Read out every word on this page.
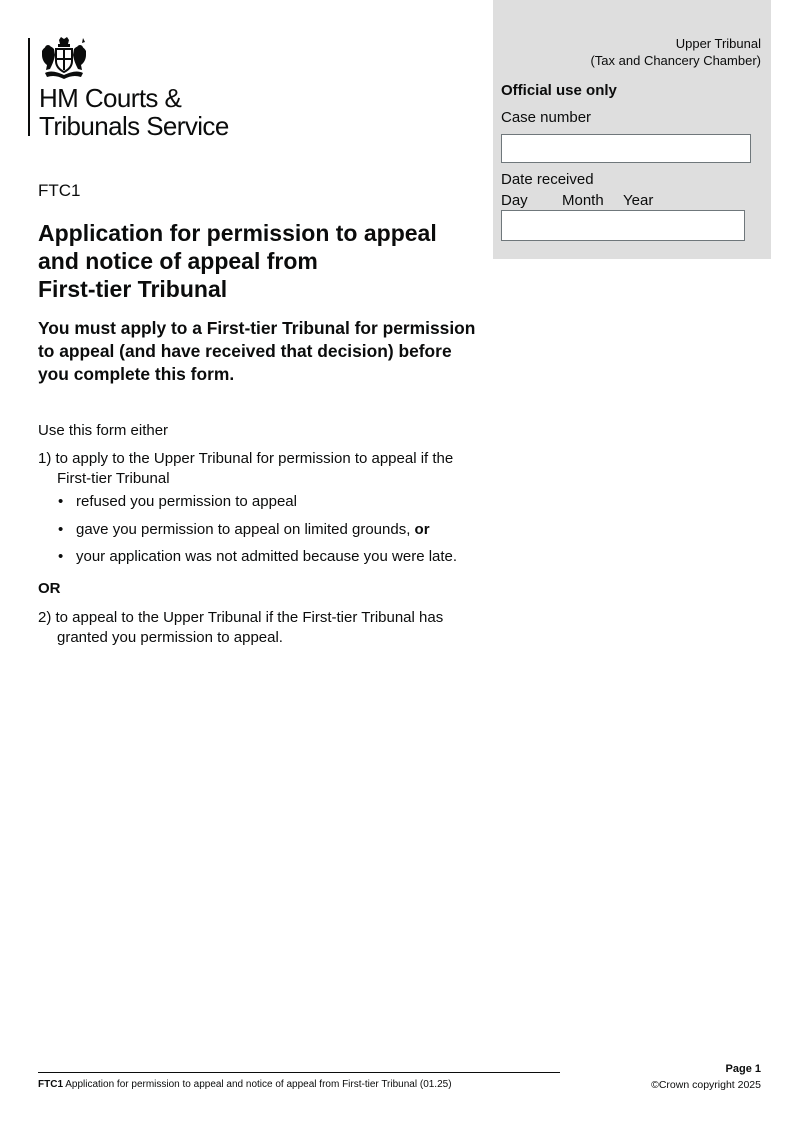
HM Courts &
Tribunals Service
FTC1
Application for permission to appeal
and notice of appeal from
First-tier Tribunal

You must apply to a First-tier Tribunal for permission
to appeal (and have received that decision) before
you complete this form.

Use this form either
1) to apply to the Upper Tribunal for permission to appeal if the
First-tier Tribunal
• refused you permission to appeal
• gave you permission to appeal on limited grounds, or
• your application was not admitted because you were late.
OR
2) to appeal to the Upper Tribunal if the First-tier Tribunal has
granted you permission to appeal.
Upper Tribunal
(Tax and Chancery Chamber)
Official use only
Case number
Date received
Day Month Year
FTC1 Application for permission to appeal and notice of appeal from First-tier Tribunal (01.25)
Page 1
©Crown copyright 2025
